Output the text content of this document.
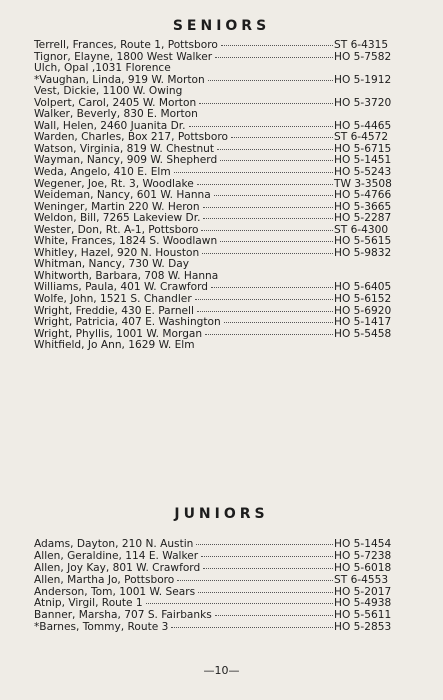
SENIORS
Terrell, Frances, Route 1, Pottsboro	ST 6-4315
Tignor, Elayne, 1800 West Walker	HO 5-7582
Ulch, Opal ,1031 Florence
*Vaughan, Linda, 919 W. Morton	HO 5-1912
Vest, Dickie, 1100 W. Owing
Volpert, Carol, 2405 W. Morton	HO 5-3720
Walker, Beverly, 830 E. Morton
Wall, Helen, 2460 Juanita Dr.	HO 5-4465
Warden, Charles, Box 217, Pottsboro	ST 6-4572
Watson, Virginia, 819 W. Chestnut	HO 5-6715
Wayman, Nancy, 909 W. Shepherd	HO 5-1451
Weda, Angelo, 410 E. Elm	HO 5-5243
Wegener, Joe, Rt. 3, Woodlake	TW 3-3508
Weideman, Nancy, 601 W. Hanna	HO 5-4766
Weninger, Martin 220 W. Heron	HO 5-3665
Weldon, Bill, 7265 Lakeview Dr.	HO 5-2287
Wester, Don, Rt. A-1, Pottsboro	ST 6-4300
White, Frances, 1824 S. Woodlawn	HO 5-5615
Whitley, Hazel, 920 N. Houston	HO 5-9832
Whitman, Nancy, 730 W. Day
Whitworth, Barbara, 708 W. Hanna
Williams, Paula, 401 W. Crawford	HO 5-6405
Wolfe, John, 1521 S. Chandler	HO 5-6152
Wright, Freddie, 430 E. Parnell	HO 5-6920
Wright, Patricia, 407 E. Washington	HO 5-1417
Wright, Phyllis, 1001 W. Morgan	HO 5-5458
Whitfield, Jo Ann, 1629 W. Elm
JUNIORS
Adams, Dayton, 210 N. Austin	HO 5-1454
Allen, Geraldine, 114 E. Walker	HO 5-7238
Allen, Joy Kay, 801 W. Crawford	HO 5-6018
Allen, Martha Jo, Pottsboro	ST 6-4553
Anderson, Tom, 1001 W. Sears	HO 5-2017
Atnip, Virgil, Route 1	HO 5-4938
Banner, Marsha, 707 S. Fairbanks	HO 5-5611
*Barnes, Tommy, Route 3	HO 5-2853
—10—
